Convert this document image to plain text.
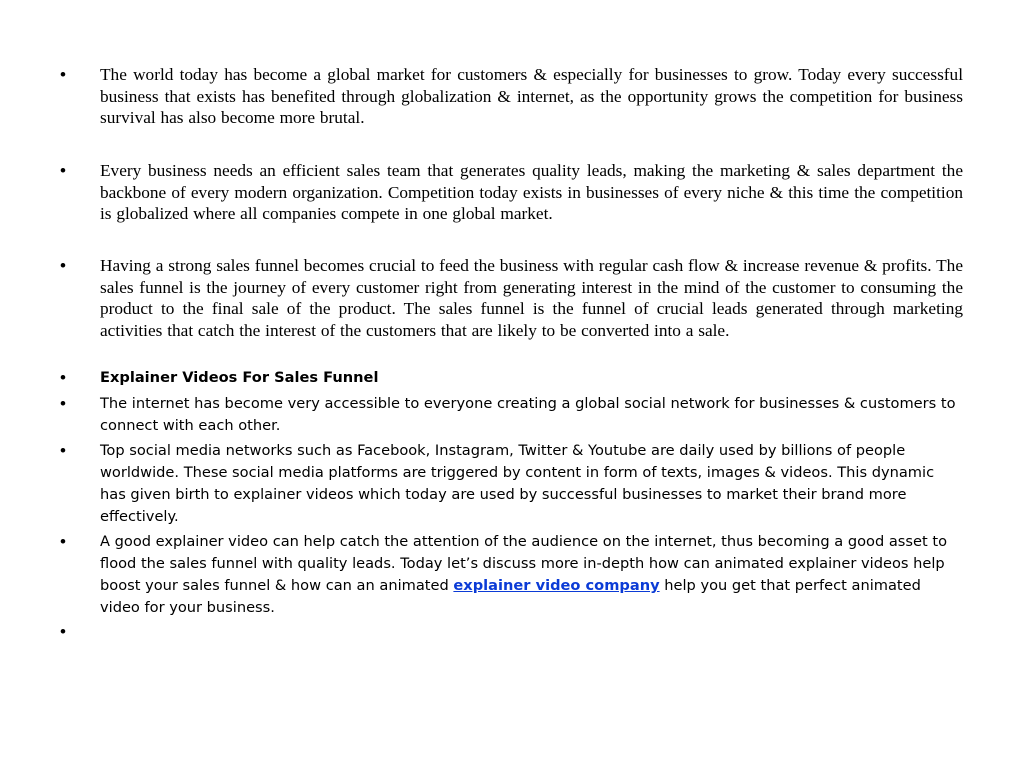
• The world today has become a global market for customers & especially for businesses to grow. Today every successful business that exists has benefited through globalization & internet, as the opportunity grows the competition for business survival has also become more brutal.
• Every business needs an efficient sales team that generates quality leads, making the marketing & sales department the backbone of every modern organization. Competition today exists in businesses of every niche & this time the competition is globalized where all companies compete in one global market.
• Having a strong sales funnel becomes crucial to feed the business with regular cash flow & increase revenue & profits. The sales funnel is the journey of every customer right from generating interest in the mind of the customer to consuming the product to the final sale of the product. The sales funnel is the funnel of crucial leads generated through marketing activities that catch the interest of the customers that are likely to be converted into a sale.
• Explainer Videos For Sales Funnel
• The internet has become very accessible to everyone creating a global social network for businesses & customers to connect with each other.
• Top social media networks such as Facebook, Instagram, Twitter & Youtube are daily used by billions of people worldwide. These social media platforms are triggered by content in form of texts, images & videos. This dynamic has given birth to explainer videos which today are used by successful businesses to market their brand more effectively.
• A good explainer video can help catch the attention of the audience on the internet, thus becoming a good asset to flood the sales funnel with quality leads. Today let’s discuss more in-depth how can animated explainer videos help boost your sales funnel & how can an animated explainer video company help you get that perfect animated video for your business.
•
